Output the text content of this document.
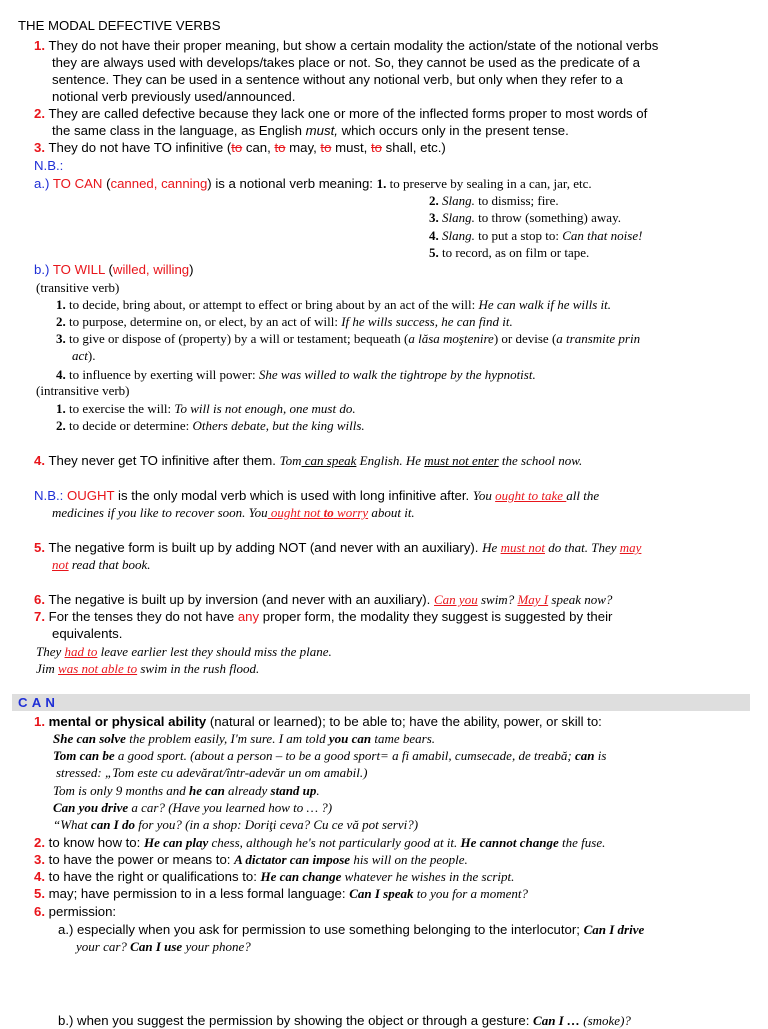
THE MODAL DEFECTIVE VERBS
1. They do not have their proper meaning, but show a certain modality the action/state of the notional verbs
they are always used with develops/takes place or not. So, they cannot be used as the predicate of a
sentence. They can be used in a sentence without any notional verb, but only when they refer to a
notional verb previously used/announced.
2. They are called defective because they lack one or more of the inflected forms proper to most words of
the same class in the language, as English must, which occurs only in the present tense.
3. They do not have TO infinitive (to can, to may, to must, to shall, etc.)
N.B.:
a.) TO CAN (canned, canning) is a notional verb meaning: 1. to preserve by sealing in a can, jar, etc.
2. Slang. to dismiss; fire.
3. Slang. to throw (something) away.
4. Slang. to put a stop to: Can that noise!
5. to record, as on film or tape.
b.) TO WILL (willed, willing)
(transitive verb)
1. to decide, bring about, or attempt to effect or bring about by an act of the will: He can walk if he wills it.
2. to purpose, determine on, or elect, by an act of will: If he wills success, he can find it.
3. to give or dispose of (property) by a will or testament; bequeath (a lăsa moştenire) or devise (a transmite prin
act).
4. to influence by exerting will power: She was willed to walk the tightrope by the hypnotist.
(intransitive verb)
1. to exercise the will: To will is not enough, one must do.
2. to decide or determine: Others debate, but the king wills.
4. They never get TO infinitive after them. Tom can speak English. He must not enter the school now.
N.B.: OUGHT is the only modal verb which is used with long infinitive after. You ought to take all the
medicines if you like to recover soon. You ought not to worry about it.
5. The negative form is built up by adding NOT (and never with an auxiliary). He must not do that. They may
not read that book.
6. The negative is built up by inversion (and never with an auxiliary). Can you swim? May I speak now?
7. For the tenses they do not have any proper form, the modality they suggest is suggested by their
equivalents.
They had to leave earlier lest they should miss the plane.
Jim was not able to swim in the rush flood.
C A N
1. mental or physical ability (natural or learned); to be able to; have the ability, power, or skill to:
She can solve the problem easily, I'm sure. I am told you can tame bears.
Tom can be a good sport. (about a person – to be a good sport= a fi amabil, cumsecade, de treabă; can is
stressed: „Tom este cu adevărat/într-adevăr un om amabil.)
Tom is only 9 months and he can already stand up.
Can you drive a car? (Have you learned how to … ?)
“What can I do for you? (in a shop: Doriţi ceva? Cu ce vă pot servi?)
2. to know how to: He can play chess, although he's not particularly good at it. He cannot change the fuse.
3. to have the power or means to: A dictator can impose his will on the people.
4. to have the right or qualifications to: He can change whatever he wishes in the script.
5. may; have permission to in a less formal language: Can I speak to you for a moment?
6. permission:
a.) especially when you ask for permission to use something belonging to the interlocutor; Can I drive
your car? Can I use your phone?
b.) when you suggest the permission by showing the object or through a gesture: Can I … (smoke)?
